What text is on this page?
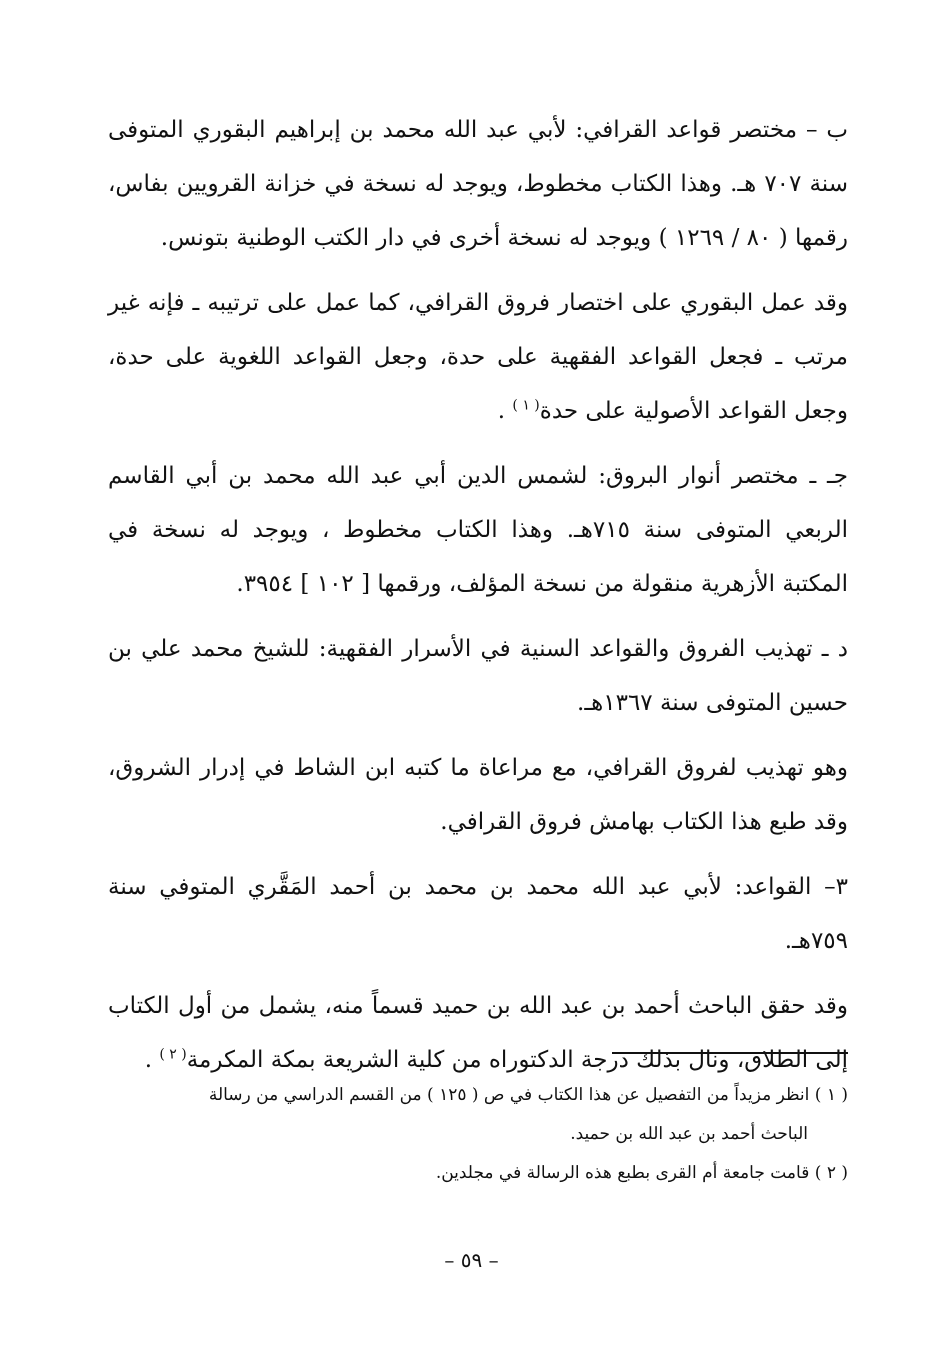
ب – مختصر قواعد القرافي: لأبي عبد الله محمد بن إبراهيم البقوري المتوفى سنة ٧٠٧ هـ. وهذا الكتاب مخطوط، ويوجد له نسخة في خزانة القرويين بفاس، رقمها ( ٨٠ / ١٢٦٩ ) ويوجد له نسخة أخرى في دار الكتب الوطنية بتونس.

وقد عمل البقوري على اختصار فروق القرافي، كما عمل على ترتيبه ـ فإنه غير مرتب ـ فجعل القواعد الفقهية على حدة، وجعل القواعد اللغوية على حدة، وجعل القواعد الأصولية على حدة$^{( ١ )}$ .

جـ ـ مختصر أنوار البروق: لشمس الدين أبي عبد الله محمد بن أبي القاسم الربعي المتوفى سنة ٧١٥هـ. وهذا الكتاب مخطوط ، ويوجد له نسخة في المكتبة الأزهرية منقولة من نسخة المؤلف، ورقمها [ ١٠٢ ] ٣٩٥٤.

د ـ تهذيب الفروق والقواعد السنية في الأسرار الفقهية: للشيخ محمد علي بن حسين المتوفى سنة ١٣٦٧هـ.

وهو تهذيب لفروق القرافي، مع مراعاة ما كتبه ابن الشاط في إدرار الشروق، وقد طبع هذا الكتاب بهامش فروق القرافي.

٣– القواعد: لأبي عبد الله محمد بن محمد بن أحمد المَقَّري المتوفي سنة ٧٥٩هـ.

وقد حقق الباحث أحمد بن عبد الله بن حميد قسماً منه، يشمل من أول الكتاب إلى الطلاق، ونال بذلك درجة الدكتوراه من كلية الشريعة بمكة المكرمة$^{( ٢ )}$ .

( ١ ) انظر مزيداً من التفصيل عن هذا الكتاب في ص ( ١٢٥ ) من القسم الدراسي من رسالة

الباحث أحمد بن عبد الله بن حميد.

( ٢ ) قامت جامعة أم القرى بطبع هذه الرسالة في مجلدين.

– ٥٩ –
